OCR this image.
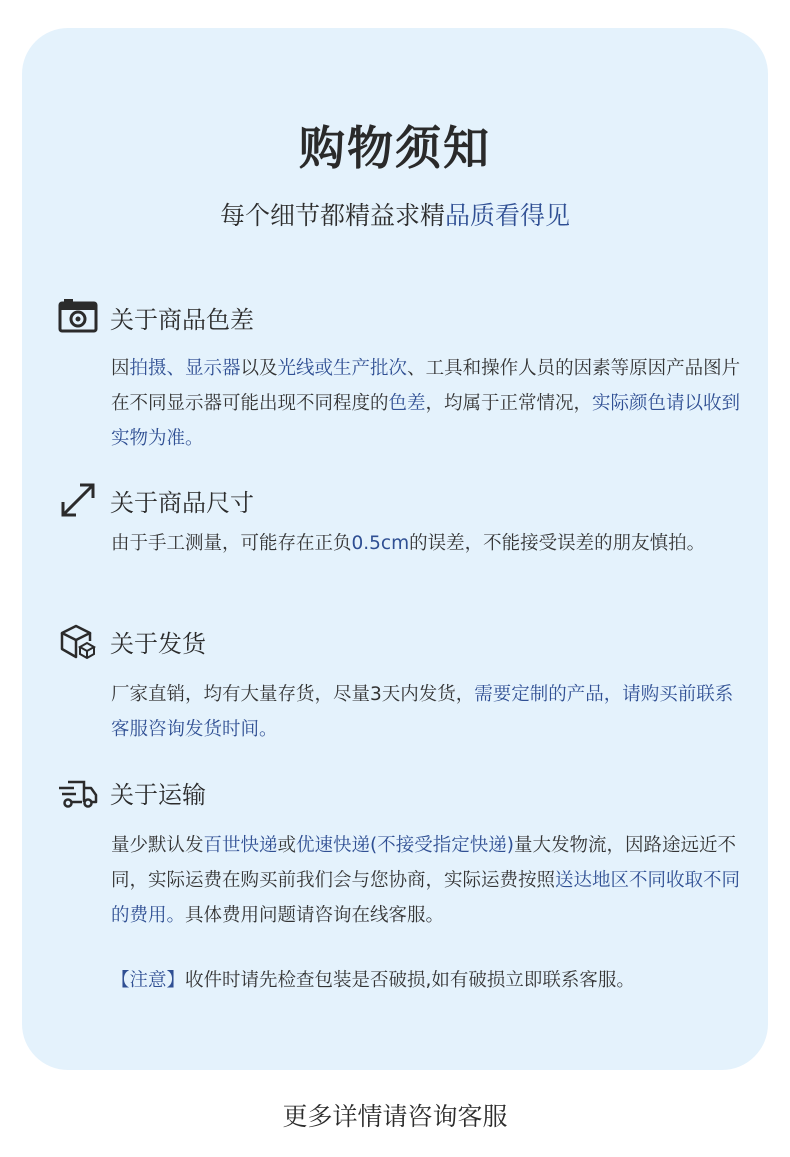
购物须知
每个细节都精益求精品质看得见
关于商品色差
因拍摄、显示器以及光线或生产批次、工具和操作人员的因素等原因产品图片在不同显示器可能出现不同程度的色差，均属于正常情况，实际颜色请以收到实物为准。
关于商品尺寸
由于手工测量，可能存在正负0.5cm的误差，不能接受误差的朋友慎拍。
关于发货
厂家直销，均有大量存货，尽量3天内发货，需要定制的产品，请购买前联系客服咨询发货时间。
关于运输
量少默认发百世快递或优速快递(不接受指定快递)量大发物流，因路途远近不同，实际运费在购买前我们会与您协商，实际运费按照送达地区不同收取不同的费用。具体费用问题请咨询在线客服。
【注意】收件时请先检查包装是否破损,如有破损立即联系客服。
更多详情请咨询客服
